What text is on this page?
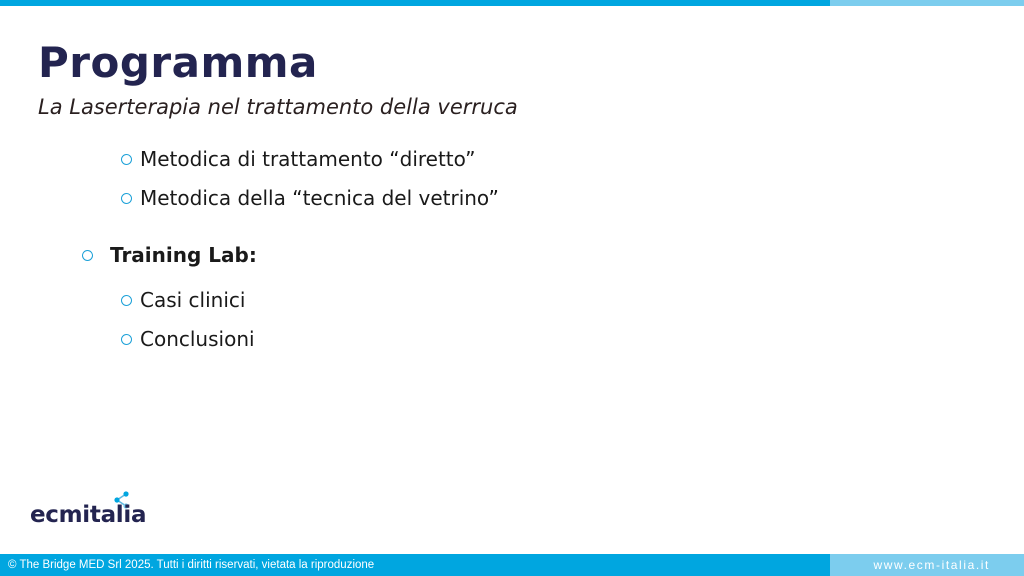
Programma
La Laserterapia nel trattamento della verruca
Metodica di trattamento “diretto”
Metodica della “tecnica del vetrino”
Training Lab:
Casi clinici
Conclusioni
ecmitalia
© The Bridge MED Srl 2025. Tutti i diritti riservati, vietata la riproduzione	www.ecm-italia.it
